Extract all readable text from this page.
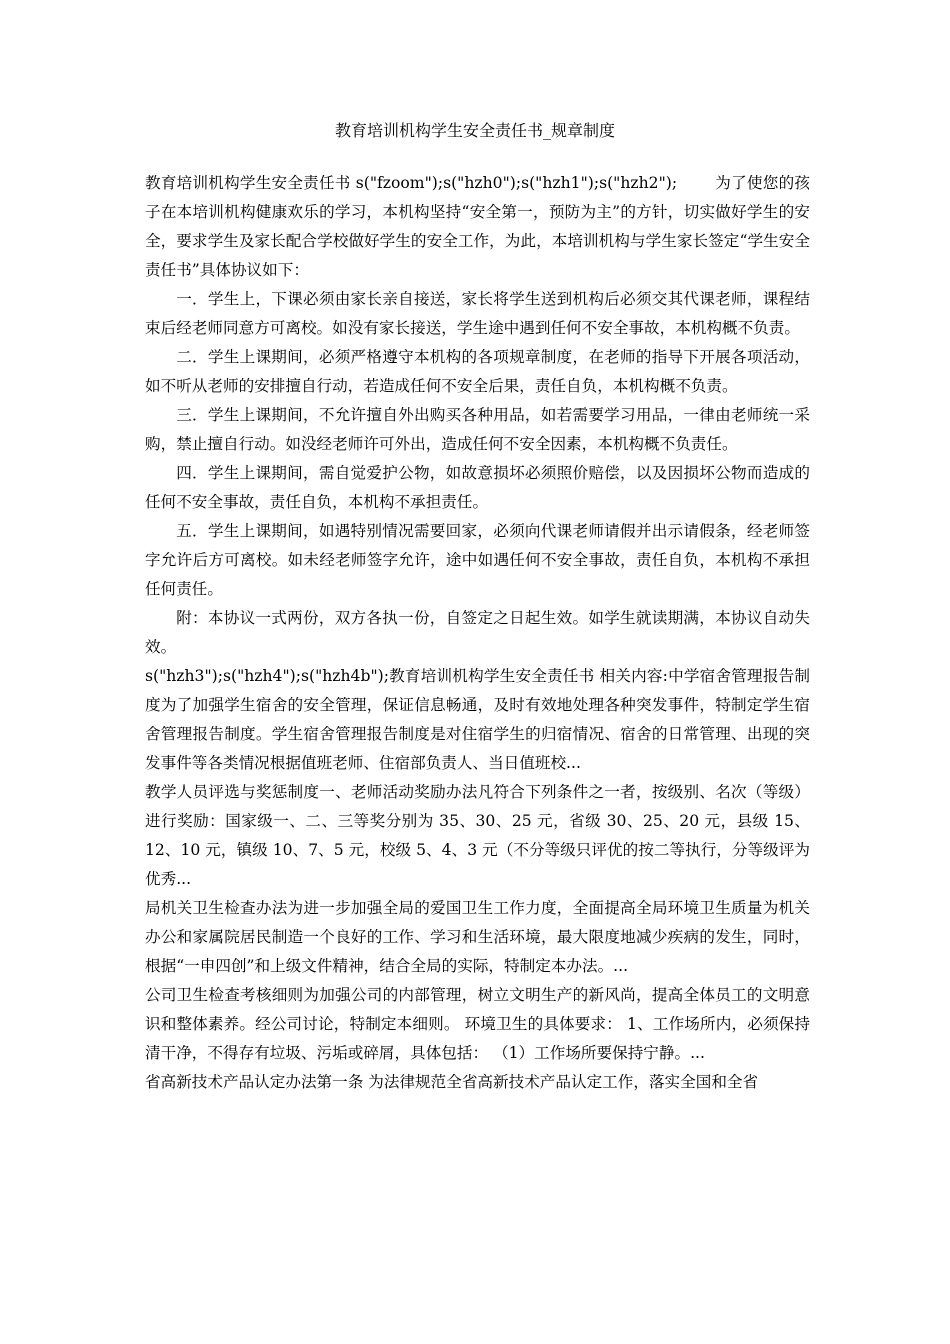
教育培训机构学生安全责任书_规章制度

教育培训机构学生安全责任书 s("fzoom");s("hzh0");s("hzh1");s("hzh2"); 为了使您的孩子在本培训机构健康欢乐的学习，本机构坚持“安全第一，预防为主”的方针，切实做好学生的安全，要求学生及家长配合学校做好学生的安全工作，为此，本培训机构与学生家长签定“学生安全责任书”具体协议如下：

一．学生上，下课必须由家长亲自接送，家长将学生送到机构后必须交其代课老师，课程结束后经老师同意方可离校。如没有家长接送，学生途中遇到任何不安全事故，本机构概不负责。

二．学生上课期间，必须严格遵守本机构的各项规章制度，在老师的指导下开展各项活动，如不听从老师的安排擅自行动，若造成任何不安全后果，责任自负，本机构概不负责。

三．学生上课期间，不允许擅自外出购买各种用品，如若需要学习用品，一律由老师统一采购，禁止擅自行动。如没经老师许可外出，造成任何不安全因素，本机构概不负责任。

四．学生上课期间，需自觉爱护公物，如故意损坏必须照价赔偿，以及因损坏公物而造成的任何不安全事故，责任自负，本机构不承担责任。

五．学生上课期间，如遇特别情况需要回家，必须向代课老师请假并出示请假条，经老师签字允许后方可离校。如未经老师签字允许，途中如遇任何不安全事故，责任自负，本机构不承担任何责任。

附：本协议一式两份，双方各执一份，自签定之日起生效。如学生就读期满，本协议自动失效。

s("hzh3");s("hzh4");s("hzh4b");教育培训机构学生安全责任书 相关内容:中学宿舍管理报告制度为了加强学生宿舍的安全管理，保证信息畅通，及时有效地处理各种突发事件，特制定学生宿舍管理报告制度。学生宿舍管理报告制度是对住宿学生的归宿情况、宿舍的日常管理、出现的突发事件等各类情况根据值班老师、住宿部负责人、当日值班校...

教学人员评选与奖惩制度一、老师活动奖励办法凡符合下列条件之一者，按级别、名次（等级）进行奖励：国家级一、二、三等奖分别为 35、30、25 元，省级 30、25、20 元，县级 15、12、10 元，镇级 10、7、5 元，校级 5、4、3 元（不分等级只评优的按二等执行，分等级评为优秀...

局机关卫生检查办法为进一步加强全局的爱国卫生工作力度，全面提高全局环境卫生质量为机关办公和家属院居民制造一个良好的工作、学习和生活环境，最大限度地减少疾病的发生，同时，根据“一申四创”和上级文件精神，结合全局的实际，特制定本办法。...

公司卫生检查考核细则为加强公司的内部管理，树立文明生产的新风尚，提高全体员工的文明意识和整体素养。经公司讨论，特制定本细则。 环境卫生的具体要求： 1、工作场所内，必须保持清干净，不得存有垃圾、污垢或碎屑，具体包括： （1）工作场所要保持宁静。...

省高新技术产品认定办法第一条 为法律规范全省高新技术产品认定工作，落实全国和全省
